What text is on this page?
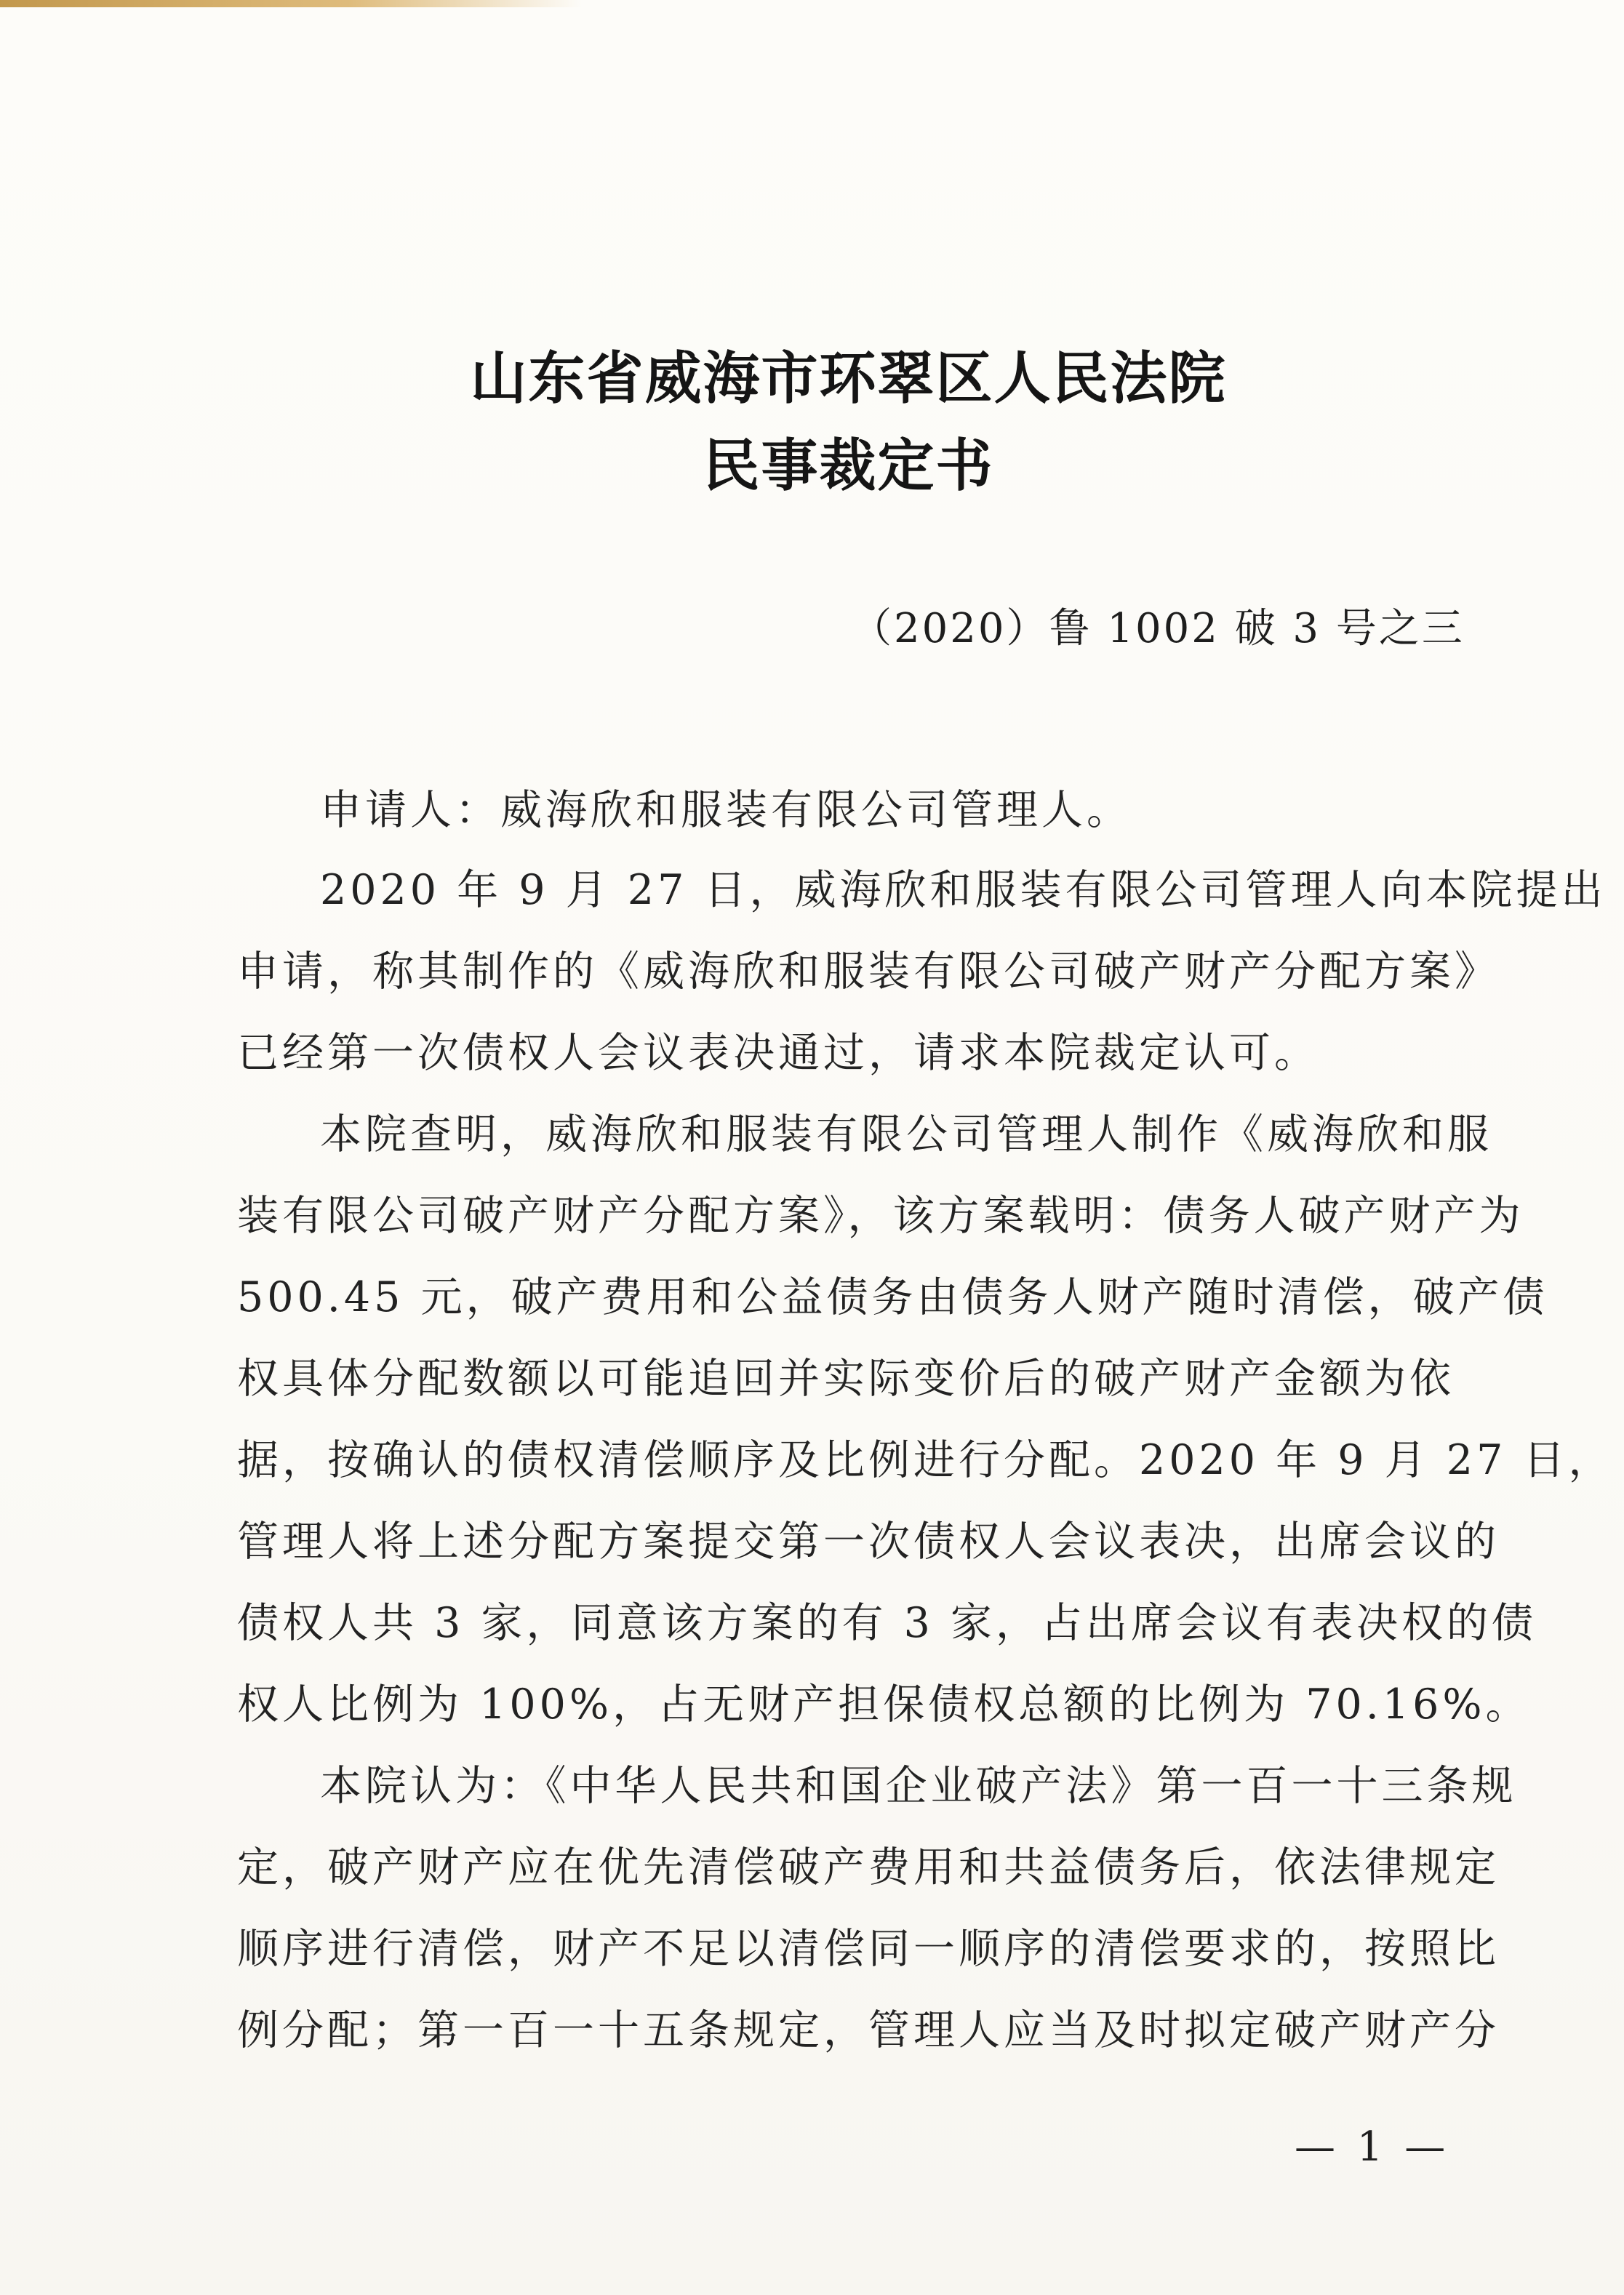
山东省威海市环翠区人民法院
民事裁定书
（2020）鲁 1002 破 3 号之三
申请人：威海欣和服装有限公司管理人。
2020 年 9 月 27 日，威海欣和服装有限公司管理人向本院提出
申请，称其制作的《威海欣和服装有限公司破产财产分配方案》
已经第一次债权人会议表决通过，请求本院裁定认可。
本院查明，威海欣和服装有限公司管理人制作《威海欣和服
装有限公司破产财产分配方案》，该方案载明：债务人破产财产为
500.45 元，破产费用和公益债务由债务人财产随时清偿，破产债
权具体分配数额以可能追回并实际变价后的破产财产金额为依
据，按确认的债权清偿顺序及比例进行分配。2020 年 9 月 27 日，
管理人将上述分配方案提交第一次债权人会议表决，出席会议的
债权人共 3 家，同意该方案的有 3 家，占出席会议有表决权的债
权人比例为 100%，占无财产担保债权总额的比例为 70.16%。
本院认为：《中华人民共和国企业破产法》第一百一十三条规
定，破产财产应在优先清偿破产费用和共益债务后，依法律规定
顺序进行清偿，财产不足以清偿同一顺序的清偿要求的，按照比
例分配；第一百一十五条规定，管理人应当及时拟定破产财产分
— 1 —
